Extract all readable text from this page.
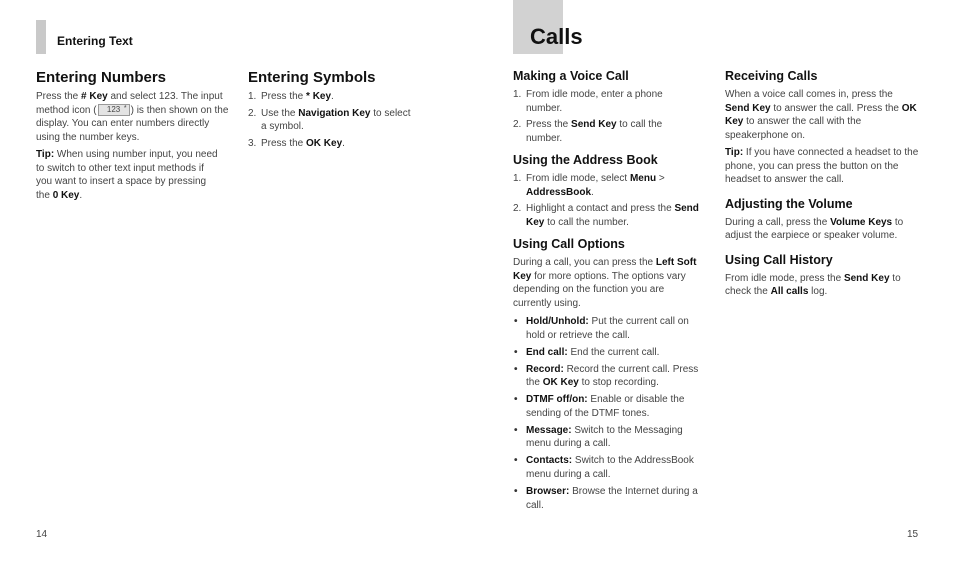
Entering Text
Entering Numbers

Press the # Key and select 123. The input method icon ( 123 * ) is then shown on the display. You can enter numbers directly using the number keys.

Tip: When using number input, you need to switch to other text input methods if you want to insert a space by pressing the 0 Key.

Entering Symbols
1. Press the * Key.
2. Use the Navigation Key to select a symbol.
3. Press the OK Key.
14
Calls
Making a Voice Call
1. From idle mode, enter a phone number.
2. Press the Send Key to call the number.
Using the Address Book
1. From idle mode, select Menu > AddressBook.
2. Highlight a contact and press the Send Key to call the number.
Using Call Options

During a call, you can press the Left Soft Key for more options. The options vary depending on the function you are currently using.

• Hold/Unhold: Put the current call on hold or retrieve the call.
• End call: End the current call.
• Record: Record the current call. Press the OK Key to stop recording.
• DTMF off/on: Enable or disable the sending of the DTMF tones.
• Message: Switch to the Messaging menu during a call.
• Contacts: Switch to the AddressBook menu during a call.
• Browser: Browse the Internet during a call.
Receiving Calls

When a voice call comes in, press the Send Key to answer the call. Press the OK Key to answer the call with the speakerphone on.

Tip: If you have connected a headset to the phone, you can press the button on the headset to answer the call.

Adjusting the Volume

During a call, press the Volume Keys to adjust the earpiece or speaker volume.

Using Call History

From idle mode, press the Send Key to check the All calls log.

15
